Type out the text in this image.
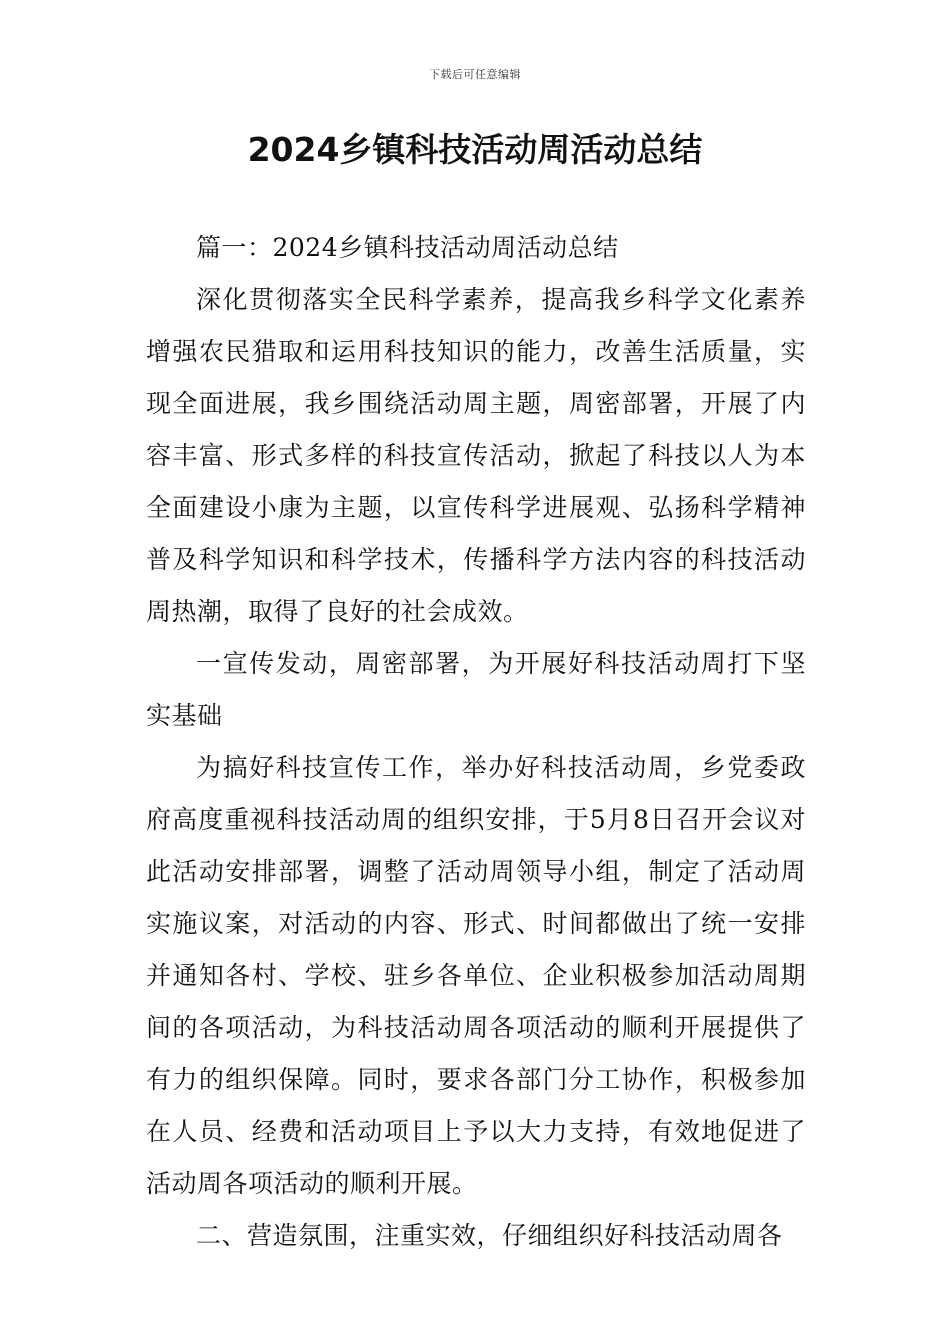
下载后可任意编辑
2024乡镇科技活动周活动总结

篇一：2024乡镇科技活动周活动总结

深化贯彻落实全民科学素养，提高我乡科学文化素养增强农民猎取和运用科技知识的能力，改善生活质量，实现全面进展，我乡围绕活动周主题，周密部署，开展了内容丰富、形式多样的科技宣传活动，掀起了科技以人为本全面建设小康为主题，以宣传科学进展观、弘扬科学精神普及科学知识和科学技术，传播科学方法内容的科技活动周热潮，取得了良好的社会成效。

一宣传发动，周密部署，为开展好科技活动周打下坚实基础

为搞好科技宣传工作，举办好科技活动周，乡党委政府高度重视科技活动周的组织安排，于5月8日召开会议对此活动安排部署，调整了活动周领导小组，制定了活动周实施议案，对活动的内容、形式、时间都做出了统一安排并通知各村、学校、驻乡各单位、企业积极参加活动周期间的各项活动，为科技活动周各项活动的顺利开展提供了有力的组织保障。同时，要求各部门分工协作，积极参加在人员、经费和活动项目上予以大力支持，有效地促进了活动周各项活动的顺利开展。

二、营造氛围，注重实效，仔细组织好科技活动周各
